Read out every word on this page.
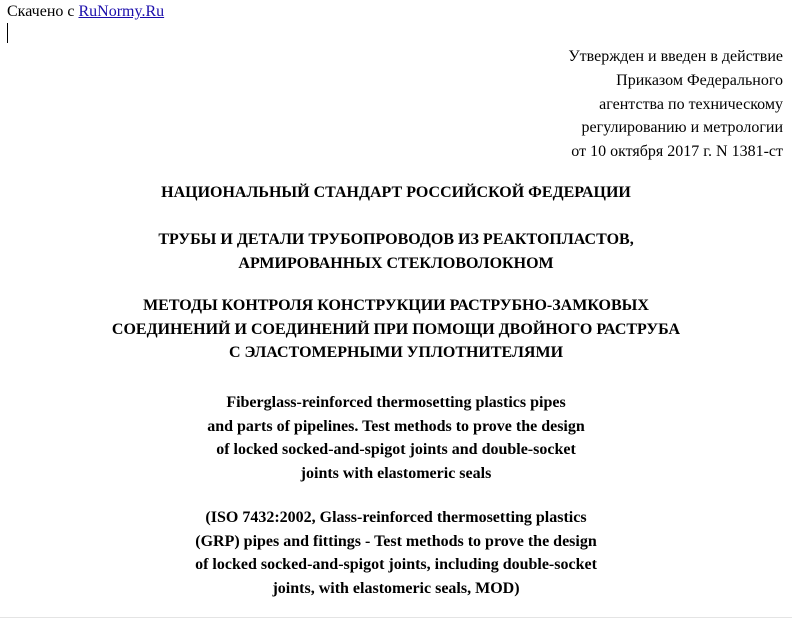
Скачено с RuNormy.Ru
Утвержден и введен в действие
Приказом Федерального
агентства по техническому
регулированию и метрологии
от 10 октября 2017 г. N 1381-ст
НАЦИОНАЛЬНЫЙ СТАНДАРТ РОССИЙСКОЙ ФЕДЕРАЦИИ
ТРУБЫ И ДЕТАЛИ ТРУБОПРОВОДОВ ИЗ РЕАКТОПЛАСТОВ,
АРМИРОВАННЫХ СТЕКЛОВОЛОКНОМ
МЕТОДЫ КОНТРОЛЯ КОНСТРУКЦИИ РАСТРУБНО-ЗАМКОВЫХ
СОЕДИНЕНИЙ И СОЕДИНЕНИЙ ПРИ ПОМОЩИ ДВОЙНОГО РАСТРУБА
С ЭЛАСТОМЕРНЫМИ УПЛОТНИТЕЛЯМИ
Fiberglass-reinforced thermosetting plastics pipes
and parts of pipelines. Test methods to prove the design
of locked socked-and-spigot joints and double-socket
joints with elastomeric seals
(ISO 7432:2002, Glass-reinforced thermosetting plastics
(GRP) pipes and fittings - Test methods to prove the design
of locked socked-and-spigot joints, including double-socket
joints, with elastomeric seals, MOD)
